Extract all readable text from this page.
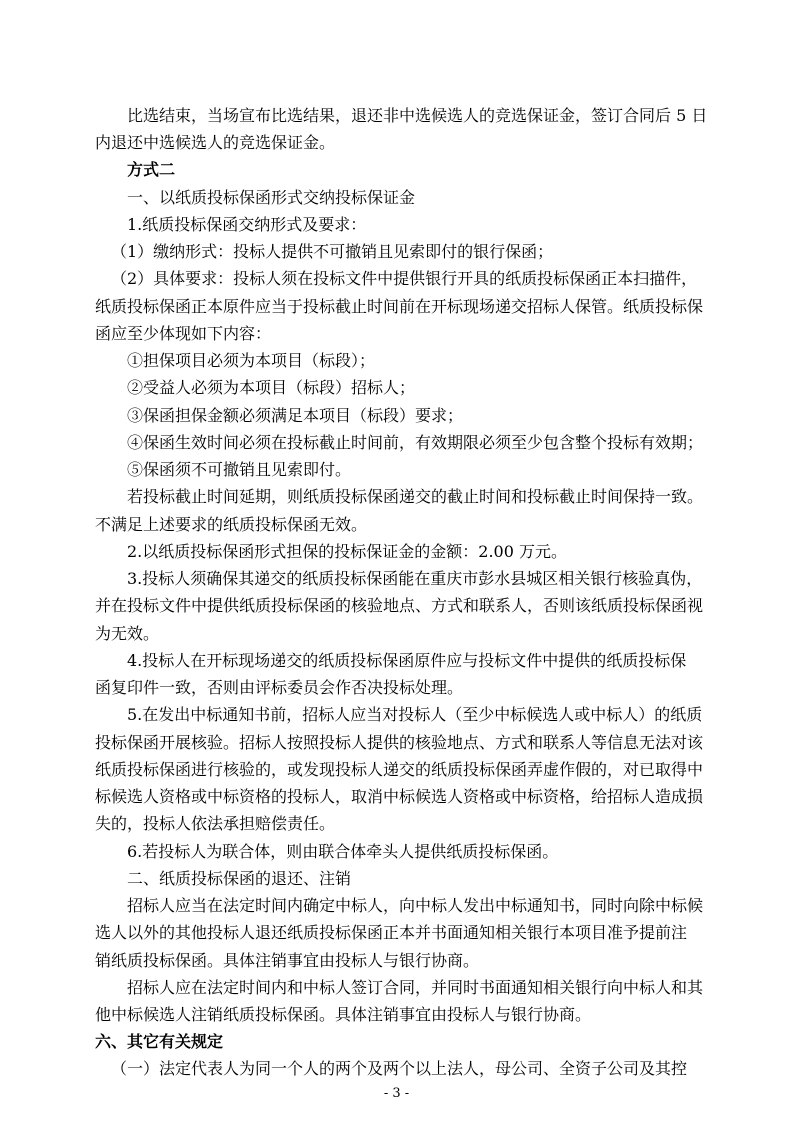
比选结束，当场宣布比选结果，退还非中选候选人的竞选保证金，签订合同后 5 日
内退还中选候选人的竞选保证金。
方式二
一、以纸质投标保函形式交纳投标保证金
1.纸质投标保函交纳形式及要求：
（1）缴纳形式：投标人提供不可撤销且见索即付的银行保函；
（2）具体要求：投标人须在投标文件中提供银行开具的纸质投标保函正本扫描件，
纸质投标保函正本原件应当于投标截止时间前在开标现场递交招标人保管。纸质投标保
函应至少体现如下内容：
①担保项目必须为本项目（标段）；
②受益人必须为本项目（标段）招标人；
③保函担保金额必须满足本项目（标段）要求；
④保函生效时间必须在投标截止时间前，有效期限必须至少包含整个投标有效期；
⑤保函须不可撤销且见索即付。
若投标截止时间延期，则纸质投标保函递交的截止时间和投标截止时间保持一致。
不满足上述要求的纸质投标保函无效。
2.以纸质投标保函形式担保的投标保证金的金额：2.00 万元。
3.投标人须确保其递交的纸质投标保函能在重庆市彭水县城区相关银行核验真伪，
并在投标文件中提供纸质投标保函的核验地点、方式和联系人，否则该纸质投标保函视
为无效。
4.投标人在开标现场递交的纸质投标保函原件应与投标文件中提供的纸质投标保
函复印件一致，否则由评标委员会作否决投标处理。
5.在发出中标通知书前，招标人应当对投标人（至少中标候选人或中标人）的纸质
投标保函开展核验。招标人按照投标人提供的核验地点、方式和联系人等信息无法对该
纸质投标保函进行核验的，或发现投标人递交的纸质投标保函弄虚作假的，对已取得中
标候选人资格或中标资格的投标人，取消中标候选人资格或中标资格，给招标人造成损
失的，投标人依法承担赔偿责任。
6.若投标人为联合体，则由联合体牵头人提供纸质投标保函。
二、纸质投标保函的退还、注销
招标人应当在法定时间内确定中标人，向中标人发出中标通知书，同时向除中标候
选人以外的其他投标人退还纸质投标保函正本并书面通知相关银行本项目准予提前注
销纸质投标保函。具体注销事宜由投标人与银行协商。
招标人应在法定时间内和中标人签订合同，并同时书面通知相关银行向中标人和其
他中标候选人注销纸质投标保函。具体注销事宜由投标人与银行协商。
六、其它有关规定
（一）法定代表人为同一个人的两个及两个以上法人，母公司、全资子公司及其控
- 3 -
